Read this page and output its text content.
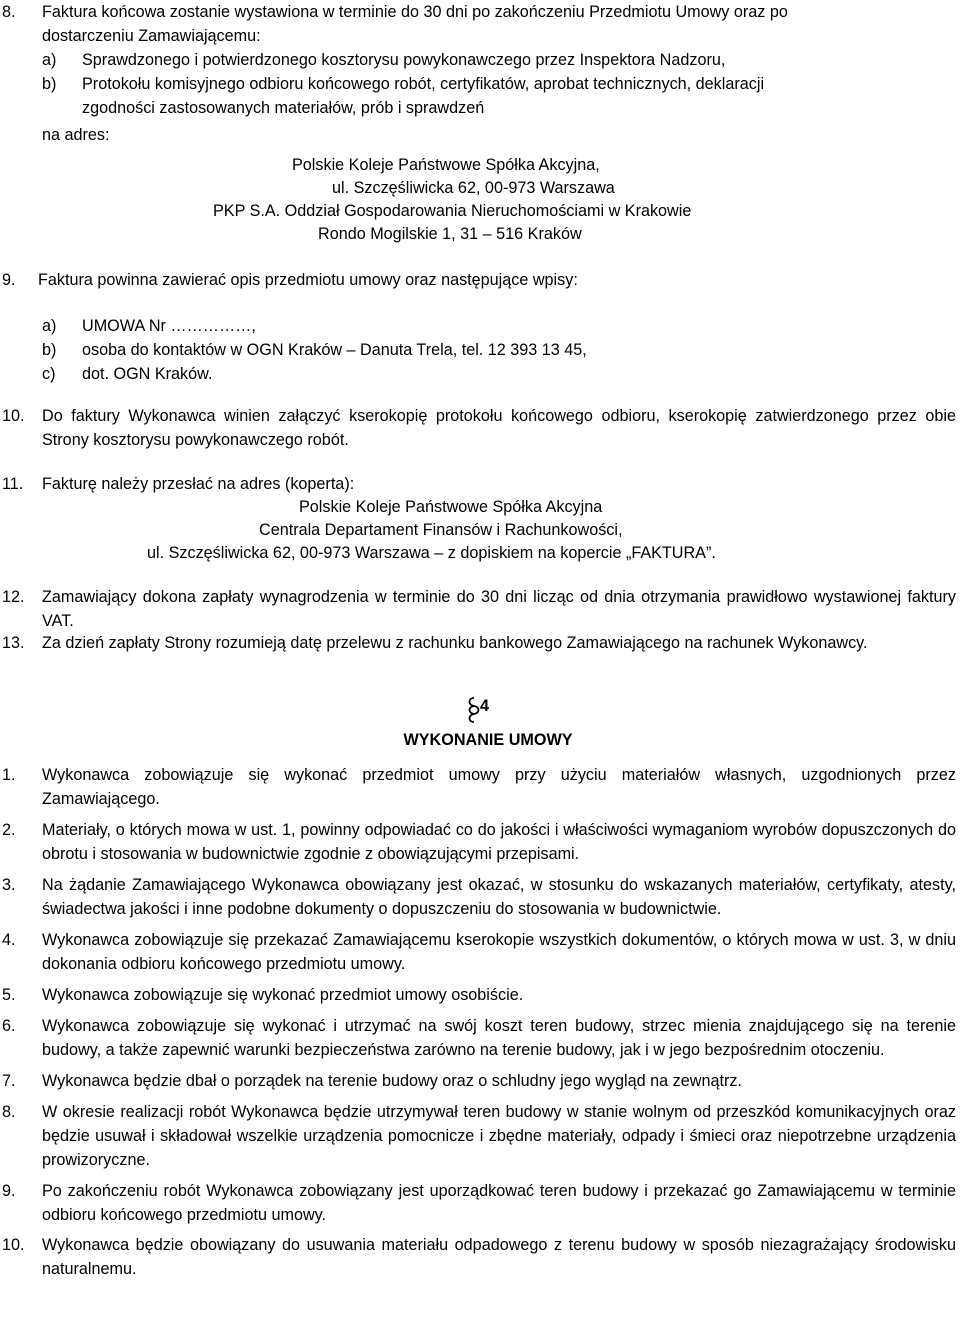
8.	Faktura końcowa zostanie wystawiona w terminie do 30 dni po zakończeniu Przedmiotu Umowy oraz po
dostarczeniu Zamawiającemu:
a)	Sprawdzonego i potwierdzonego kosztorysu powykonawczego przez Inspektora Nadzoru,
b)	Protokołu komisyjnego odbioru końcowego robót, certyfikatów, aprobat technicznych, deklaracji
zgodności zastosowanych materiałów, prób i sprawdzeń
na adres:
Polskie Koleje Państwowe Spółka Akcyjna,
ul. Szczęśliwicka 62, 00-973 Warszawa
PKP S.A. Oddział Gospodarowania Nieruchomościami w Krakowie
Rondo Mogilskie 1, 31 – 516 Kraków
9.	Faktura powinna zawierać opis przedmiotu umowy oraz następujące wpisy:
a)	UMOWA Nr ……………,
b)	osoba do kontaktów w OGN Kraków – Danuta Trela, tel. 12 393 13 45,
c)	dot. OGN Kraków.
10.	Do faktury Wykonawca winien załączyć kserokopię protokołu końcowego odbioru, kserokopię zatwierdzonego przez obie Strony kosztorysu powykonawczego robót.
11.	Fakturę należy przesłać na adres (koperta):
Polskie Koleje Państwowe Spółka Akcyjna
Centrala Departament Finansów i Rachunkowości,
ul. Szczęśliwicka 62, 00-973 Warszawa – z dopiskiem na kopercie „FAKTURA”.
12.	Zamawiający dokona zapłaty wynagrodzenia w terminie do 30 dni licząc od dnia otrzymania prawidłowo wystawionej faktury VAT.
13.	Za dzień zapłaty Strony rozumieją datę przelewu z rachunku bankowego Zamawiającego na rachunek Wykonawcy.
4
WYKONANIE UMOWY
1.	Wykonawca zobowiązuje się wykonać przedmiot umowy przy użyciu materiałów własnych, uzgodnionych przez Zamawiającego.
2.	Materiały, o których mowa w ust. 1, powinny odpowiadać co do jakości i właściwości wymaganiom wyrobów dopuszczonych do obrotu i stosowania w budownictwie zgodnie z obowiązującymi przepisami.
3.	Na żądanie Zamawiającego Wykonawca obowiązany jest okazać, w stosunku do wskazanych materiałów, certyfikaty, atesty, świadectwa jakości i inne podobne dokumenty o dopuszczeniu do stosowania w budownictwie.
4.	Wykonawca zobowiązuje się przekazać Zamawiającemu kserokopie wszystkich dokumentów, o których mowa w ust. 3, w dniu dokonania odbioru końcowego przedmiotu umowy.
5.	Wykonawca zobowiązuje się wykonać przedmiot umowy osobiście.
6.	Wykonawca zobowiązuje się wykonać i utrzymać na swój koszt teren budowy, strzec mienia znajdującego się na terenie budowy, a także zapewnić warunki bezpieczeństwa zarówno na terenie budowy, jak i w jego bezpośrednim otoczeniu.
7.	Wykonawca będzie dbał o porządek na terenie budowy oraz o schludny jego wygląd na zewnątrz.
8.	W okresie realizacji robót Wykonawca będzie utrzymywał teren budowy w stanie wolnym od przeszkód komunikacyjnych oraz będzie usuwał i składował wszelkie urządzenia pomocnicze i zbędne materiały, odpady i śmieci oraz niepotrzebne urządzenia prowizoryczne.
9.	Po zakończeniu robót Wykonawca zobowiązany jest uporządkować teren budowy i przekazać go Zamawiającemu w terminie odbioru końcowego przedmiotu umowy.
10.	Wykonawca będzie obowiązany do usuwania materiału odpadowego z terenu budowy w sposób niezagrażający środowisku naturalnemu.
